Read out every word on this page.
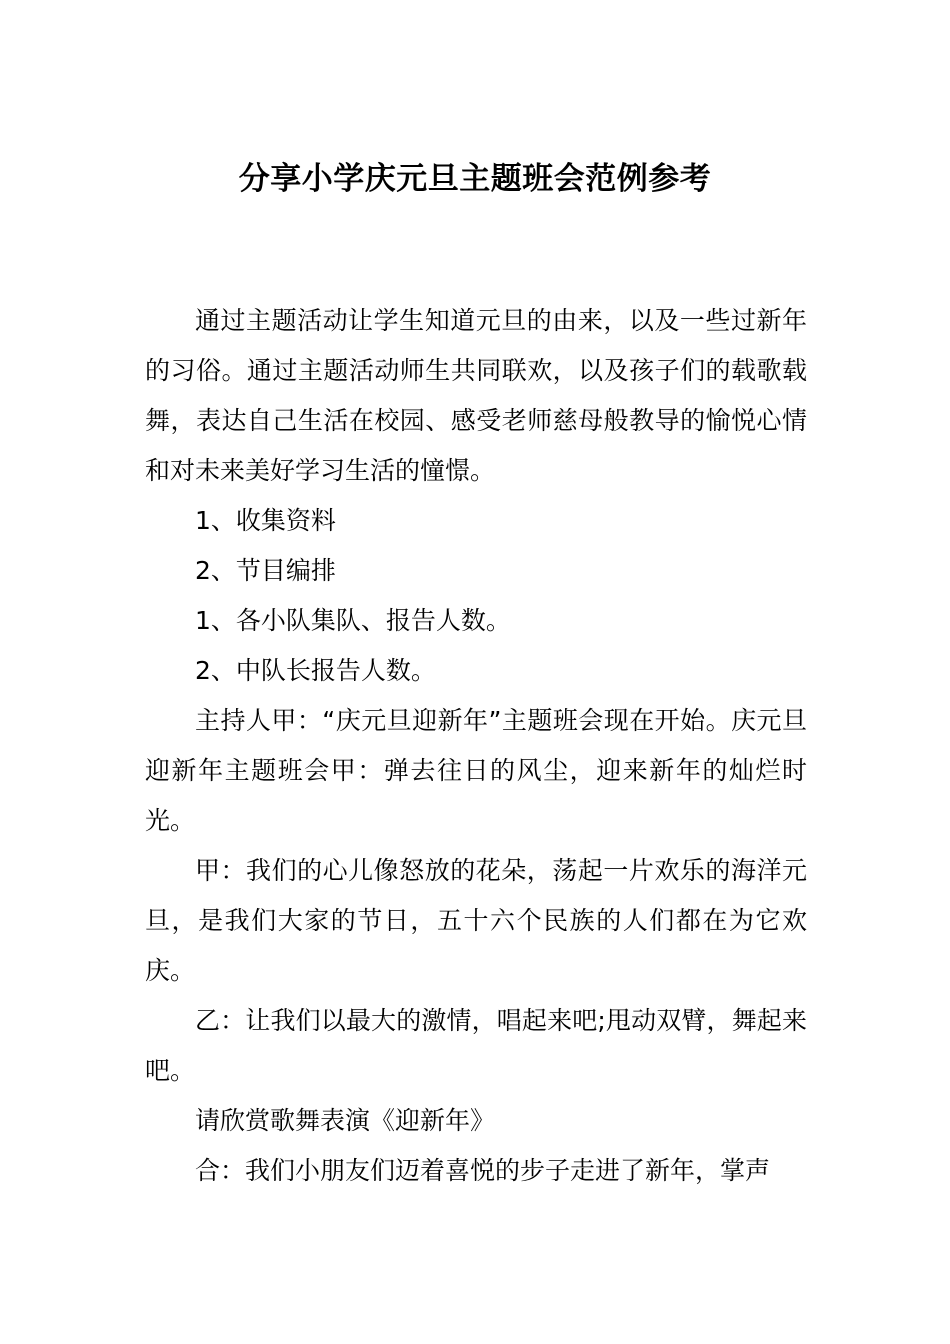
分享小学庆元旦主题班会范例参考

通过主题活动让学生知道元旦的由来，以及一些过新年的习俗。通过主题活动师生共同联欢，以及孩子们的载歌载舞，表达自己生活在校园、感受老师慈母般教导的愉悦心情和对未来美好学习生活的憧憬。

1、收集资料

2、节目编排

1、各小队集队、报告人数。

2、中队长报告人数。

主持人甲：“庆元旦迎新年”主题班会现在开始。庆元旦迎新年主题班会甲：弹去往日的风尘，迎来新年的灿烂时光。

甲：我们的心儿像怒放的花朵，荡起一片欢乐的海洋元旦，是我们大家的节日，五十六个民族的人们都在为它欢庆。

乙：让我们以最大的激情，唱起来吧;甩动双臂，舞起来吧。

请欣赏歌舞表演《迎新年》

合：我们小朋友们迈着喜悦的步子走进了新年，掌声
